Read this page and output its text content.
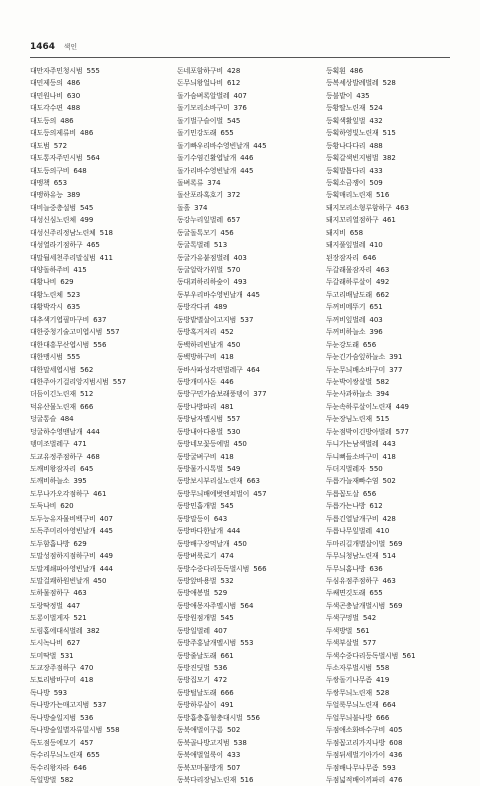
1464 색인
대만자주민청시범 555
대민제등의 486
대민원나비 630
대도각수편 488
대도등의 486
대도등의제류비 486
대도범 572
대도통자주민시범 564
대도등의구비 648
대맹책 653
대맹하유능 389
대비늘중층설범 545
대성신심노린체 499
대성신주리정남노린체 518
대성열라기점하구 465
대말뒬세천주리말실범 411
대양돌하주비 415
대황나비 629
대황노린체 523
대황박각시 635
대추색기엽필마구비 637
대한중청기술고미엽시범 557
대한대흥무산엽시범 556
대한맹시범 555
대한말세엽시범 562
대한주아기걸리앙지범시범 557
더듬이긴노린재 512
덕유산물노린재 666
덩굴통슬 484
덩굴하수영맨날개 444
뎅미조벌레구 471
도교유정주점하구 468
도깨비왕잠자리 645
도깨비하늘소 395
도무나가오각점하구 461
도둑나비 620
도두능유자물비백구비 407
도독주미리아영빈날개 445
도두함흡나방 629
도말성점하지점하구비 449
도말계쇄파아영빈날개 444
도말걸쾌하원빈날개 450
도하물점하구 463
도랑딱정벌 447
도롱이벌게자 521
도림홉에대식벌레 382
도시녹나비 627
도미딱벌 531
도교장주점하구 470
도토리밤바구미 418
독나방 593
독나방가는매고지범 537
독나방숲일지범 536
독나방숲일별자류밀시범 558
독도점등에모기 457
독수리무늬노린재 655
독수리왕자라 646
독일방벌 582
돈네포함하구비 428
돈무늬왕얼나비 612
돌가슴벼록알벌레 407
돌기모리소바구미 376
돌기벌구슬이벌 545
돌기민강도래 655
돌기빠우리바수영빈날개 445
돌기수염긴활엽날개 446
돌가리바수영빈날개 445
돌벼록류 374
돌산포라혹호기 372
돌흘 374
동강누리잎벌레 657
동굴돌톡모기 456
동굴톡벌레 513
동굴가유붙점벌레 403
동굴알락가위벌 570
동대괴하리하숲이 493
동부우리바수영빈날개 445
동방각다귀 489
동방밭별살이고지범 537
동방혹거저리 452
동백하리빈날개 450
동백방하구비 418
동바사파성각편벌레구 464
동방개미사돈 446
동방구민가슴보래풍뎅이 377
동방나방파리 481
동방남자멜시범 557
동방내아다용벌 530
동방네모꽃등에벌 450
동방굴벼구비 418
동방물가시톡벌 549
동방보시부리실노린재 663
동방무늬배에벗엔쳐벌이 457
동방민흡개벌 545
동방말등이 643
동방바다한날개 444
동방배구장먹날개 450
동방벼룩로기 474
동방수중다리등독벌시범 566
동방앞바용벌 532
동방애봉벌 529
동방애몽자주멜시범 564
동방원점개벌 545
동방일벌레 407
동방주홍날개멜시범 553
동방줄날도래 661
동방진딧벌 536
동방집모기 472
동방털날도래 666
동방하루살이 491
동방흡충흡혈충대시벌 556
동북애벌이구름 502
동북골나방고지범 538
동북애벌얼룩이 433
동북꼬마물방개 507
동북다리장님노린재 516
등획흰 486
등복셰상발례벌레 528
등불밭이 435
등황딸노린재 524
등획색활잎벌 432
등획하영빛노린재 515
등황나다다리 488
등획갈색빈지범벌 382
등획발톱다리 433
등획소금쟁이 509
등획매리노린재 516
돼지모리소형루함하구 463
돼지꼬리열점하구 461
돼지비 658
돼지풀잎벌레 410
된장잠자리 646
두갈래물잠자리 463
두갈래하루살이 492
두고리배날도래 662
두꺼비메뚜기 651
두꺼비잎벌레 403
두꺼비하늘소 396
두눈강도래 656
두눈긴가슴잎하늘소 391
두눈무늬배소바구미 377
두눈박이쌍살벌 582
두눈사과하늘소 394
두눈속하루살이노린재 449
두눈장님노린재 515
두눈점박이긴방아벌레 577
두니가는남색벌레 443
두니뻐들소바구미 418
두더지벌레자 550
두릅가늘재빠수염 502
두릅꼽도살 656
두릅가는나방 612
두릅긴열날개구비 428
두릅나무잎벌레 410
두마리길개별살이벌 569
두무늬청남노린재 514
두무늬홈나방 636
두심유점주점하구 463
두쌔면깃도래 655
두색곤충날개벌시범 569
두색구멍벌 542
두색방벌 561
두색부살벌 577
두색수중다리등독벌시범 561
두소자루벌시범 558
두쌍돌기나무좀 419
두쌍무늬노린재 528
두얼룩무늬노린재 664
두얼무늬불나방 666
두점애소화바수구비 405
두점꼽고리가지나방 608
두점뒤세벌기아가이 436
두점배나무나무좀 593
두점넓적배이끼파리 476
